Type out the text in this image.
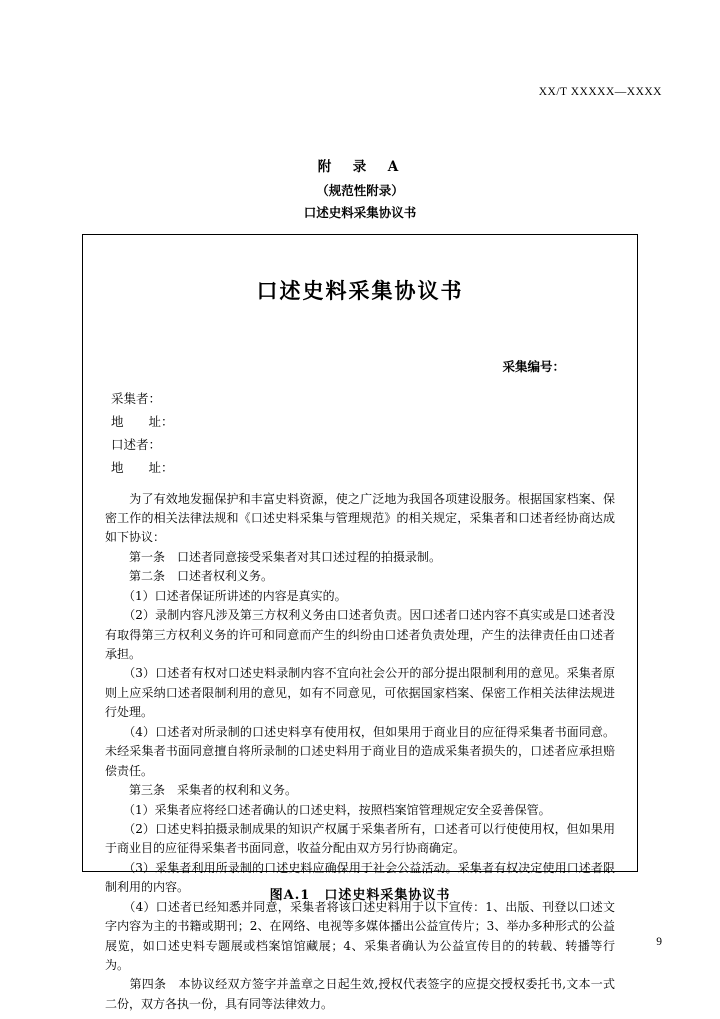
XX/T XXXXX—XXXX
附　录　A
（规范性附录）
口述史料采集协议书
口述史料采集协议书
采集编号：
采集者：
地　　址：
口述者：
地　　址：

　　为了有效地发掘保护和丰富史料资源，使之广泛地为我国各项建设服务。根据国家档案、保密工作的相关法律法规和《口述史料采集与管理规范》的相关规定，采集者和口述者经协商达成如下协议：

　　第一条　口述者同意接受采集者对其口述过程的拍摄录制。

　　第二条　口述者权利义务。

　　（1）口述者保证所讲述的内容是真实的。

　　（2）录制内容凡涉及第三方权利义务由口述者负责。因口述者口述内容不真实或是口述者没有取得第三方权利义务的许可和同意而产生的纠纷由口述者负责处理，产生的法律责任由口述者承担。

　　（3）口述者有权对口述史料录制内容不宜向社会公开的部分提出限制利用的意见。采集者原则上应采纳口述者限制利用的意见，如有不同意见，可依据国家档案、保密工作相关法律法规进行处理。

　　（4）口述者对所录制的口述史料享有使用权，但如果用于商业目的应征得采集者书面同意。未经采集者书面同意擅自将所录制的口述史料用于商业目的造成采集者损失的，口述者应承担赔偿责任。

　　第三条　采集者的权利和义务。

　　（1）采集者应将经口述者确认的口述史料，按照档案馆管理规定安全妥善保管。

　　（2）口述史料拍摄录制成果的知识产权属于采集者所有，口述者可以行使使用权，但如果用于商业目的应征得采集者书面同意，收益分配由双方另行协商确定。

　　（3）采集者利用所录制的口述史料应确保用于社会公益活动。采集者有权决定使用口述者限制利用的内容。

　　（4）口述者已经知悉并同意，采集者将该口述史料用于以下宣传：1、出版、刊登以口述文字内容为主的书籍或期刊；2、在网络、电视等多媒体播出公益宣传片；3、举办多种形式的公益展览，如口述史料专题展或档案馆馆藏展；4、采集者确认为公益宣传目的的转载、转播等行为。

　　第四条　本协议经双方签字并盖章之日起生效,授权代表签字的应提交授权委托书,文本一式二份，双方各执一份，具有同等法律效力。

图A.1　口述史料采集协议书
9
